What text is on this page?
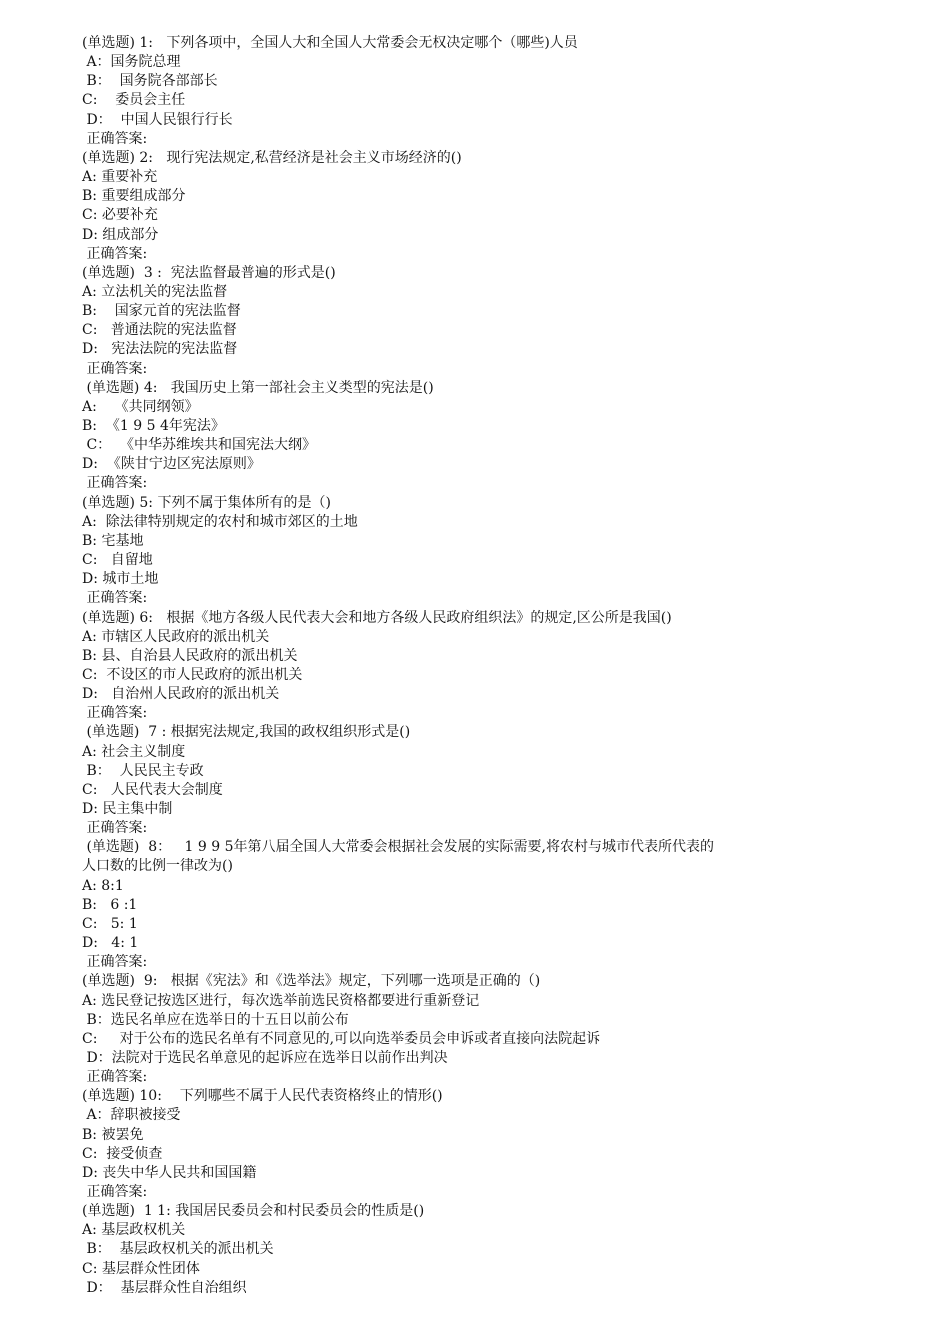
(单选题) 1:   下列各项中，全国人大和全国人大常委会无权决定哪个（哪些)人员
A：国务院总理
B：  国务院各部部长
C:    委员会主任
D：  中国人民银行行长
正确答案:
(单选题) 2:   现行宪法规定,私营经济是社会主义市场经济的()
A: 重要补充
B: 重要组成部分
C: 必要补充
D: 组成部分
正确答案:
(单选题)  3 :  宪法监督最普遍的形式是()
A: 立法机关的宪法监督
B:    国家元首的宪法监督
C:   普通法院的宪法监督
D:   宪法法院的宪法监督
正确答案:
(单选题) 4:   我国历史上第一部社会主义类型的宪法是()
A:    《共同纲领》
B:  《1 9 5 4年宪法》
C：  《中华苏维埃共和国宪法大纲》
D:  《陕甘宁边区宪法原则》
正确答案:
(单选题) 5: 下列不属于集体所有的是（)
A:  除法律特别规定的农村和城市郊区的土地
B: 宅基地
C:   自留地
D: 城市土地
正确答案:
(单选题) 6:   根据《地方各级人民代表大会和地方各级人民政府组织法》的规定,区公所是我国()
A: 市辖区人民政府的派出机关
B: 县、自治县人民政府的派出机关
C:  不设区的市人民政府的派出机关
D:   自治州人民政府的派出机关
正确答案:
(单选题)  7 : 根据宪法规定,我国的政权组织形式是()
A: 社会主义制度
B：  人民民主专政
C:   人民代表大会制度
D: 民主集中制
正确答案:
(单选题)  8：   1 9 9 5年第八届全国人大常委会根据社会发展的实际需要,将农村与城市代表所代表的
人口数的比例一律改为()
A: 8:1
B:   6 :1
C:   5: 1
D:   4: 1
正确答案:
(单选题)  9:   根据《宪法》和《选举法》规定，下列哪一选项是正确的（)
A: 选民登记按选区进行，每次选举前选民资格都要进行重新登记
B：选民名单应在选举日的十五日以前公布
C:     对于公布的选民名单有不同意见的,可以向选举委员会申诉或者直接向法院起诉
D：法院对于选民名单意见的起诉应在选举日以前作出判决
正确答案:
(单选题) 10:    下列哪些不属于人民代表资格终止的情形()
A：辞职被接受
B: 被罢免
C:  接受侦查
D: 丧失中华人民共和国国籍
正确答案:
(单选题)  1 1: 我国居民委员会和村民委员会的性质是()
A: 基层政权机关
B：  基层政权机关的派出机关
C: 基层群众性团体
D：  基层群众性自治组织
